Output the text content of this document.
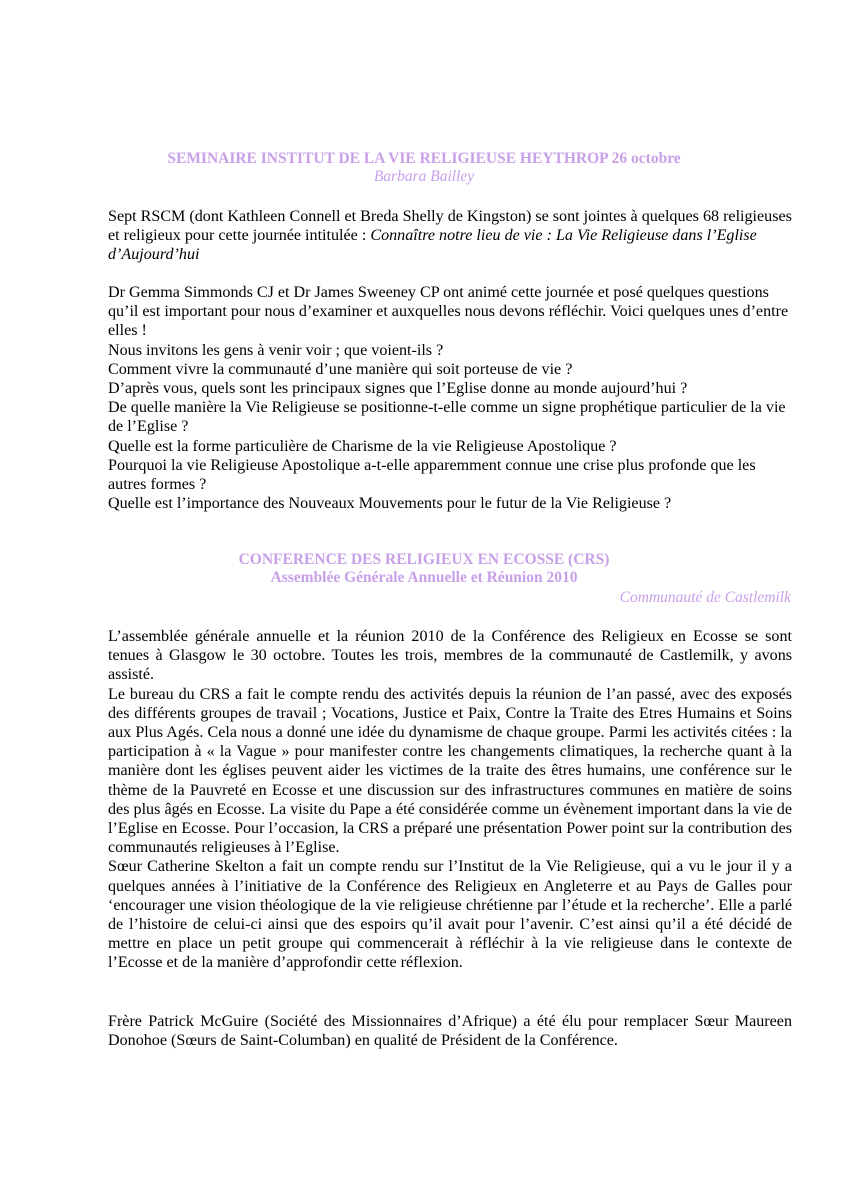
SEMINAIRE INSTITUT DE LA VIE RELIGIEUSE HEYTHROP 26 octobre
Barbara Bailley

Sept RSCM (dont Kathleen Connell et Breda Shelly de Kingston) se sont jointes à quelques 68 religieuses et religieux pour cette journée intitulée : Connaître notre lieu de vie : La Vie Religieuse dans l’Eglise d’Aujourd’hui

Dr Gemma Simmonds CJ et Dr James Sweeney CP ont animé cette journée et posé quelques questions qu’il est important pour nous d’examiner et auxquelles nous devons réfléchir. Voici quelques unes d’entre elles !

Nous invitons les gens à venir voir ; que voient-ils ?

Comment vivre la communauté d’une manière qui soit porteuse de vie ?

D’après vous, quels sont les principaux signes que l’Eglise donne au monde aujourd’hui ?

De quelle manière la Vie Religieuse se positionne-t-elle comme un signe prophétique particulier de la vie de l’Eglise ?

Quelle est la forme particulière de Charisme de la vie Religieuse Apostolique ?

Pourquoi la vie Religieuse Apostolique a-t-elle apparemment connue une crise plus profonde que les autres formes ?

Quelle est l’importance des Nouveaux Mouvements pour le futur de la Vie Religieuse ?

CONFERENCE DES RELIGIEUX EN ECOSSE (CRS)
Assemblée Générale Annuelle et Réunion 2010
Communauté de Castlemilk

L’assemblée générale annuelle et la réunion 2010 de la Conférence des Religieux en Ecosse se sont tenues à Glasgow le 30 octobre. Toutes les trois, membres de la communauté de Castlemilk, y avons assisté.

Le bureau du CRS a fait le compte rendu des activités depuis la réunion de l’an passé, avec des exposés des différents groupes de travail ; Vocations, Justice et Paix, Contre la Traite des Etres Humains et Soins aux Plus Agés. Cela nous a donné une idée du dynamisme de chaque groupe. Parmi les activités citées : la participation à « la Vague » pour manifester contre les changements climatiques, la recherche quant à la manière dont les églises peuvent aider les victimes de la traite des êtres humains, une conférence sur le thème de la Pauvreté en Ecosse et une discussion sur des infrastructures communes en matière de soins des plus âgés en Ecosse. La visite du Pape a été considérée comme un évènement important dans la vie de l’Eglise en Ecosse. Pour l’occasion, la CRS a préparé une présentation Power point sur la contribution des communautés religieuses à l’Eglise.

Sœur Catherine Skelton a fait un compte rendu sur l’Institut de la Vie Religieuse, qui a vu le jour il y a quelques années à l’initiative de la Conférence des Religieux en Angleterre et au Pays de Galles pour ‘encourager une vision théologique de la vie religieuse chrétienne par l’étude et la recherche’. Elle a parlé de l’histoire de celui-ci ainsi que des espoirs qu’il avait pour l’avenir. C’est ainsi qu’il a été décidé de mettre en place un petit groupe qui commencerait à réfléchir à la vie religieuse dans le contexte de l’Ecosse et de la manière d’approfondir cette réflexion.

Frère Patrick McGuire (Société des Missionnaires d’Afrique) a été élu pour remplacer Sœur Maureen Donohoe (Sœurs de Saint-Columban) en qualité de Président de la Conférence.
